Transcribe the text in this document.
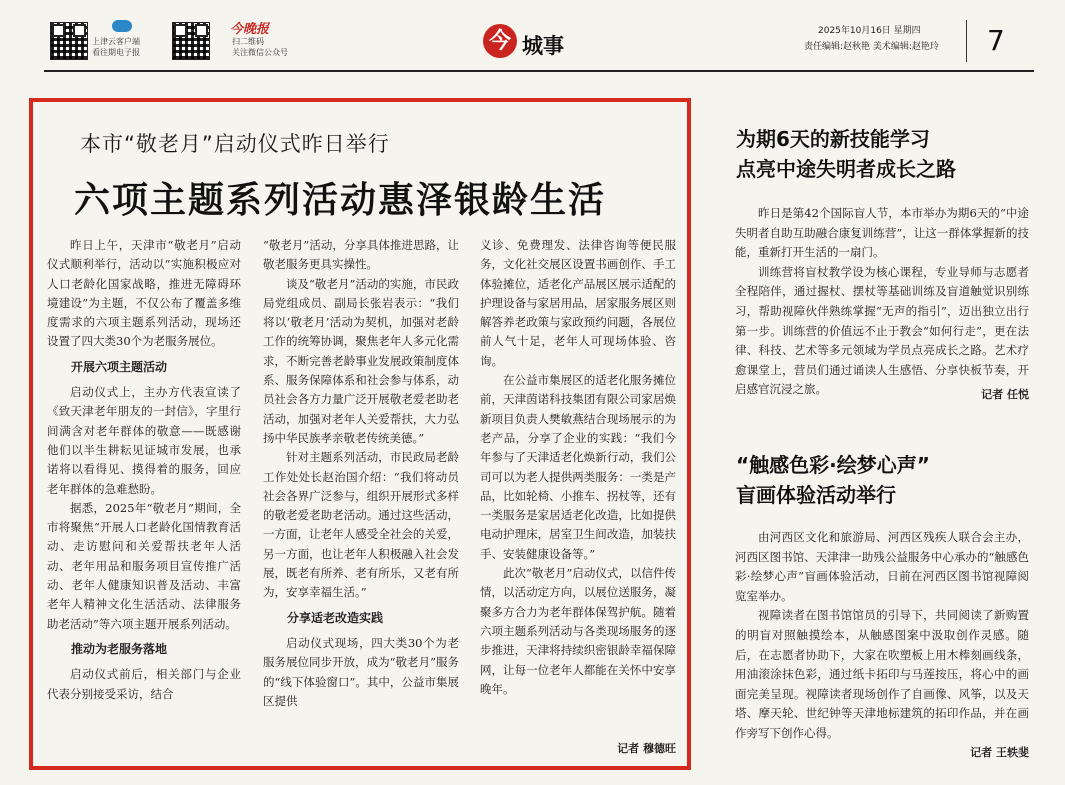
上津云客户端
看往期电子报
今晚报
扫二维码
关注微信公众号	今 城事
2025年10月16日 星期四
责任编辑:赵秋艳 美术编辑:赵艳玲 7
本市“敬老月”启动仪式昨日举行
六项主题系列活动惠泽银龄生活

昨日上午，天津市“敬老月”启动仪式顺利举行，活动以“实施积极应对人口老龄化国家战略，推进无障碍环境建设”为主题，不仅公布了覆盖多维度需求的六项主题系列活动，现场还设置了四大类30个为老服务展位。

开展六项主题活动

启动仪式上，主办方代表宣读了《致天津老年朋友的一封信》，字里行间满含对老年群体的敬意——既感谢他们以半生耕耘见证城市发展，也承诺将以看得见、摸得着的服务，回应老年群体的急难愁盼。

据悉，2025年“敬老月”期间，全市将聚焦“开展人口老龄化国情教育活动、走访慰问和关爱帮扶老年人活动、老年用品和服务项目宣传推广活动、老年人健康知识普及活动、丰富老年人精神文化生活活动、法律服务助老活动”等六项主题开展系列活动。

推动为老服务落地

启动仪式前后，相关部门与企业代表分别接受采访，结合

“敬老月”活动，分享具体推进思路，让敬老服务更具实操性。

谈及“敬老月”活动的实施，市民政局党组成员、副局长张岩表示：“我们将以‘敬老月’活动为契机，加强对老龄工作的统筹协调，聚焦老年人多元化需求，不断完善老龄事业发展政策制度体系、服务保障体系和社会参与体系，动员社会各方力量广泛开展敬老爱老助老活动，加强对老年人关爱帮扶，大力弘扬中华民族孝亲敬老传统美德。”

针对主题系列活动，市民政局老龄工作处处长赵治国介绍：“我们将动员社会各界广泛参与，组织开展形式多样的敬老爱老助老活动。通过这些活动，一方面，让老年人感受全社会的关爱，另一方面，也让老年人积极融入社会发展，既老有所养、老有所乐，又老有所为，安享幸福生活。”

分享适老改造实践

启动仪式现场，四大类30个为老服务展位同步开放，成为“敬老月”服务的“线下体验窗口”。其中，公益市集展区提供

义诊、免费理发、法律咨询等便民服务，文化社交展区设置书画创作、手工体验摊位，适老化产品展区展示适配的护理设备与家居用品，居家服务展区则解答养老政策与家政预约问题，各展位前人气十足，老年人可现场体验、咨询。

在公益市集展区的适老化服务摊位前，天津茵诺科技集团有限公司家居焕新项目负责人樊敏燕结合现场展示的为老产品，分享了企业的实践：“我们今年参与了天津适老化焕新行动，我们公司可以为老人提供两类服务：一类是产品，比如轮椅、小推车、拐杖等，还有一类服务是家居适老化改造，比如提供电动护理床，居室卫生间改造，加装扶手、安装健康设备等。”

此次“敬老月”启动仪式，以信件传情，以活动定方向，以展位送服务，凝聚多方合力为老年群体保驾护航。随着六项主题系列活动与各类现场服务的逐步推进，天津将持续织密银龄幸福保障网，让每一位老年人都能在关怀中安享晚年。

记者 穆德旺
为期6天的新技能学习
点亮中途失明者成长之路

昨日是第42个国际盲人节，本市举办为期6天的“中途失明者自助互助融合康复训练营”，让这一群体掌握新的技能，重新打开生活的一扇门。

训练营将盲杖教学设为核心课程，专业导师与志愿者全程陪伴，通过握杖、摆杖等基础训练及盲道触觉识别练习，帮助视障伙伴熟练掌握“无声的指引”，迈出独立出行第一步。训练营的价值远不止于教会“如何行走”，更在法律、科技、艺术等多元领域为学员点亮成长之路。艺术疗愈课堂上，营员们通过诵读人生感悟、分享快板节奏，开启感官沉浸之旅。	记者 任悦
“触感色彩·绘梦心声”
盲画体验活动举行

由河西区文化和旅游局、河西区残疾人联合会主办，河西区图书馆、天津津一助残公益服务中心承办的“触感色彩·绘梦心声”盲画体验活动，日前在河西区图书馆视障阅览室举办。

视障读者在图书馆馆员的引导下，共同阅读了新购置的明盲对照触摸绘本，从触感图案中汲取创作灵感。随后，在志愿者协助下，大家在吹塑板上用木棒刻画线条，用油滚涂抹色彩，通过纸卡拓印与马莲按压，将心中的画面完美呈现。视障读者现场创作了自画像、风筝，以及天塔、摩天轮、世纪钟等天津地标建筑的拓印作品，并在画作旁写下创作心得。

记者 王轶斐
